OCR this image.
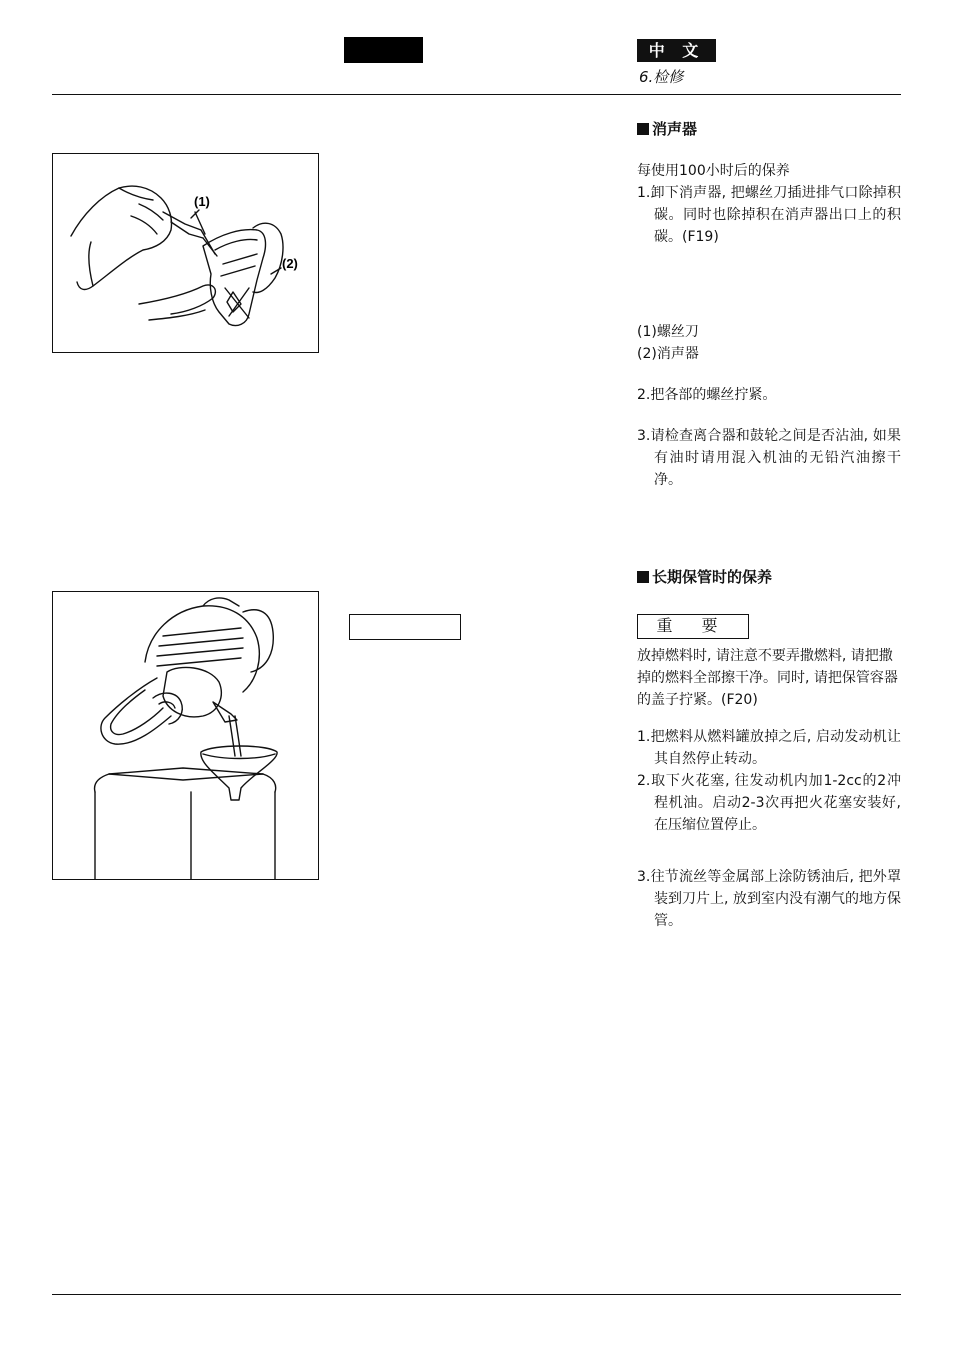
中 文
6.检修
(1)
(2)
消声器
每使用100小时后的保养
1.卸下消声器, 把螺丝刀插进排气口除掉积碳。同时也除掉积在消声器出口上的积碳。(F19)
(1)螺丝刀
(2)消声器
2.把各部的螺丝拧紧。
3.请检查离合器和鼓轮之间是否沾油, 如果有油时请用混入机油的无铅汽油擦干净。
长期保管时的保养
重 要
放掉燃料时, 请注意不要弄撒燃料, 请把撒掉的燃料全部擦干净。同时, 请把保管容器的盖子拧紧。(F20)
1.把燃料从燃料罐放掉之后, 启动发动机让其自然停止转动。
2.取下火花塞, 往发动机内加1-2cc的2冲程机油。启动2-3次再把火花塞安装好, 在压缩位置停止。
3.往节流丝等金属部上涂防锈油后, 把外罩装到刀片上, 放到室内没有潮气的地方保管。
